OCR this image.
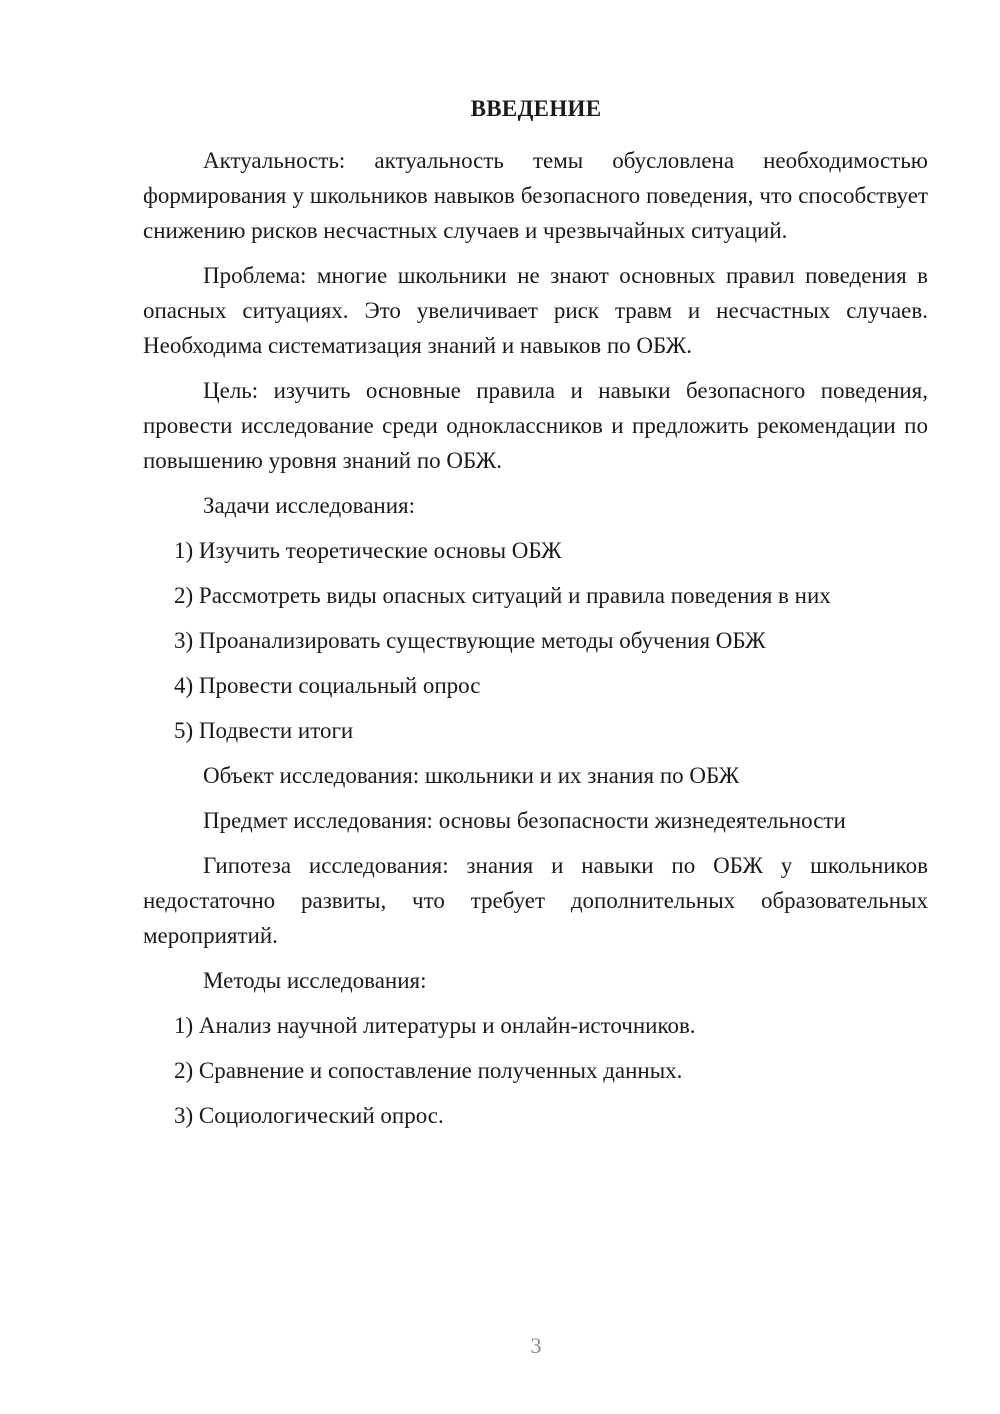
ВВЕДЕНИЕ

Актуальность: актуальность темы обусловлена необходимостью формирования у школьников навыков безопасного поведения, что способствует снижению рисков несчастных случаев и чрезвычайных ситуаций.

Проблема: многие школьники не знают основных правил поведения в опасных ситуациях. Это увеличивает риск травм и несчастных случаев. Необходима систематизация знаний и навыков по ОБЖ.

Цель: изучить основные правила и навыки безопасного поведения, провести исследование среди одноклассников и предложить рекомендации по повышению уровня знаний по ОБЖ.

Задачи исследования:
1) Изучить теоретические основы ОБЖ
2) Рассмотреть виды опасных ситуаций и правила поведения в них
3) Проанализировать существующие методы обучения ОБЖ
4) Провести социальный опрос
5) Подвести итоги
Объект исследования: школьники и их знания по ОБЖ
Предмет исследования: основы безопасности жизнедеятельности

Гипотеза исследования: знания и навыки по ОБЖ у школьников недостаточно развиты, что требует дополнительных образовательных мероприятий.

Методы исследования:
1) Анализ научной литературы и онлайн-источников.
2) Сравнение и сопоставление полученных данных.
3) Социологический опрос.
3
